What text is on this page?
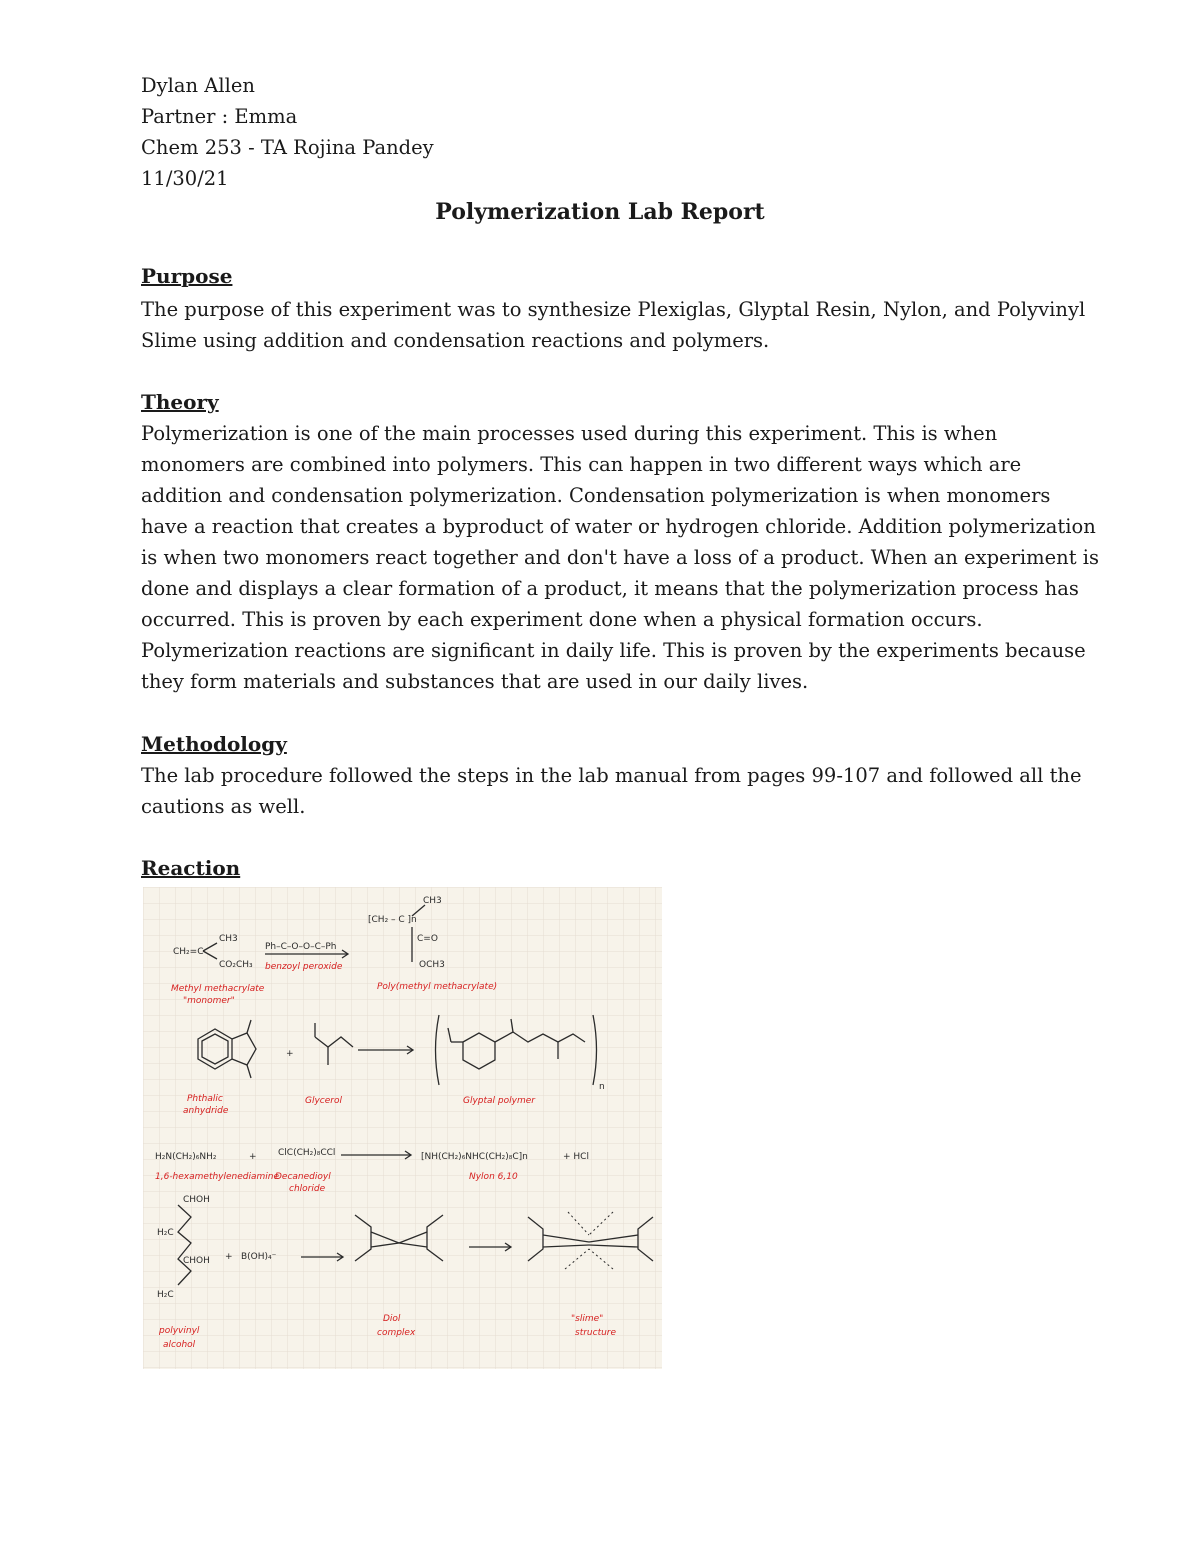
Dylan Allen
Partner : Emma
Chem 253 - TA Rojina Pandey
11/30/21
Polymerization Lab Report
Purpose
The purpose of this experiment was to synthesize Plexiglas, Glyptal Resin, Nylon, and Polyvinyl
Slime using addition and condensation reactions and polymers.
Theory
Polymerization is one of the main processes used during this experiment. This is when
monomers are combined into polymers. This can happen in two different ways which are
addition and condensation polymerization. Condensation polymerization is when monomers
have a reaction that creates a byproduct of water or hydrogen chloride. Addition polymerization
is when two monomers react together and don't have a loss of a product. When an experiment is
done and displays a clear formation of a product, it means that the polymerization process has
occurred. This is proven by each experiment done when a physical formation occurs.
Polymerization reactions are significant in daily life. This is proven by the experiments because
they form materials and substances that are used in our daily lives.
Methodology
The lab procedure followed the steps in the lab manual from pages 99-107 and followed all the
cautions as well.
Reaction
CH₂=C
CH3
CO₂CH₃
Ph–C–O–O–C–Ph
CH3
[CH₂ – C ]n
C=O
OCH3
+
n
H₂N(CH₂)₆NH₂	+ ClC(CH₂)₈CCl	[NH(CH₂)₆NHC(CH₂)₈C]n	+ HCl
CHOH
H₂C
CHOH
H₂C
+ B(OH)₄⁻
benzoyl peroxide
Methyl methacrylate
"monomer"
Poly(methyl methacrylate)
Phthalic
anhydride
Glycerol	Glyptal polymer
1,6-hexamethylenediamine
Decanedioyl
chloride
Nylon 6,10
polyvinyl
alcohol
Diol
complex
"slime"
structure
